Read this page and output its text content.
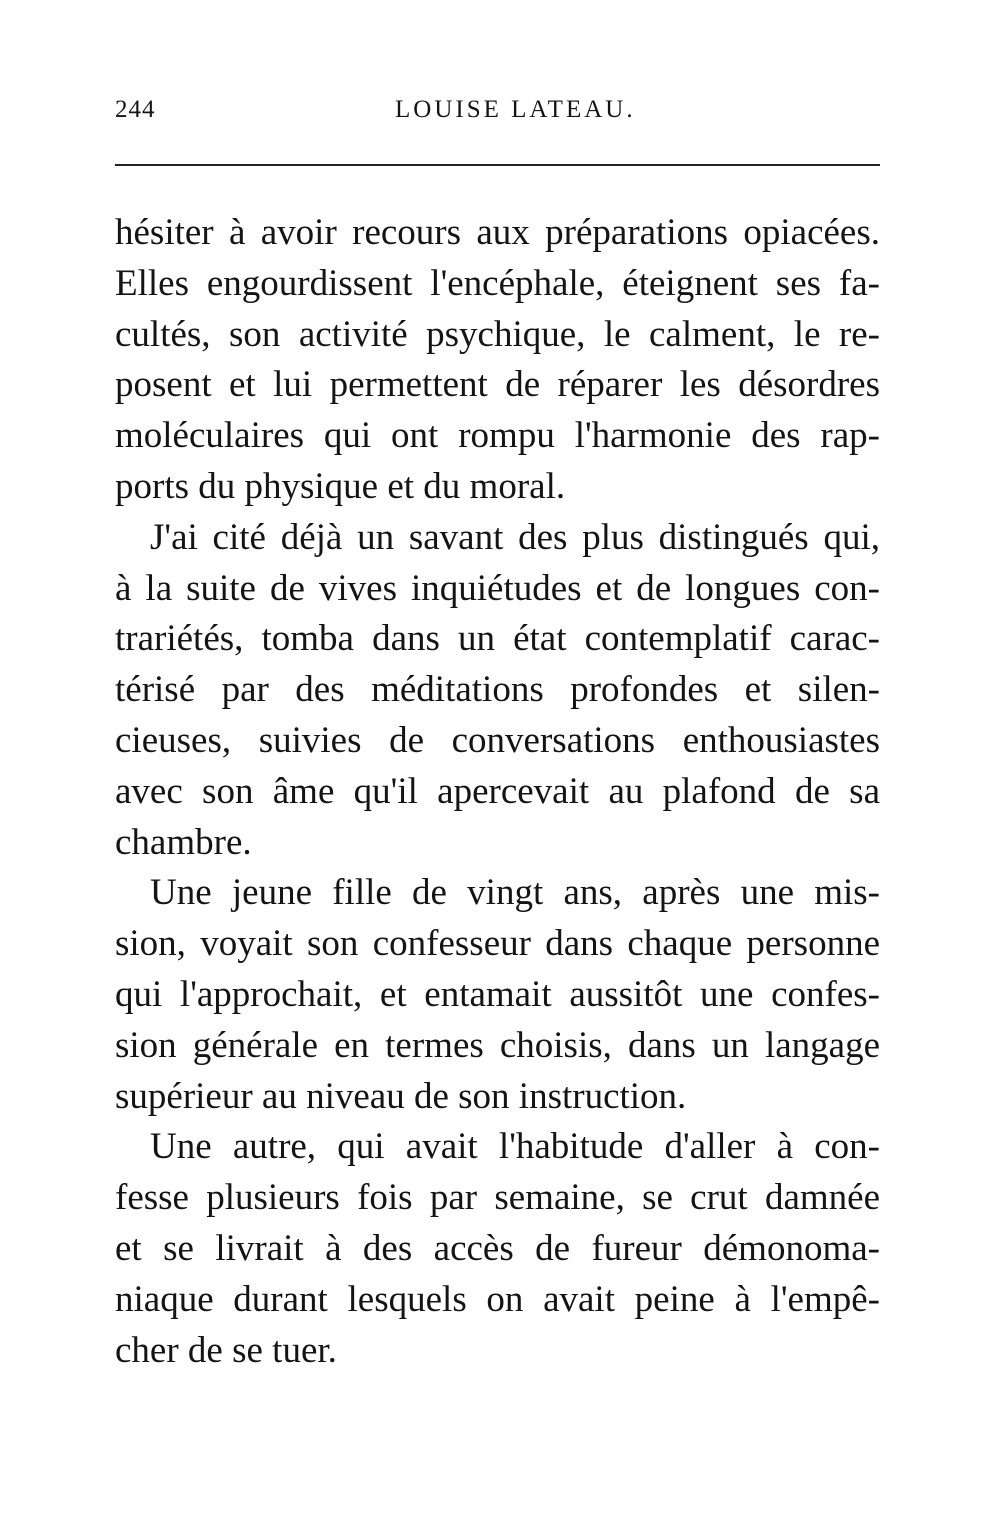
244	LOUISE LATEAU.
hésiter à avoir recours aux préparations opiacées.
Elles engourdissent l'encéphale, éteignent ses fa-
cultés, son activité psychique, le calment, le re-
posent et lui permettent de réparer les désordres
moléculaires qui ont rompu l'harmonie des rap-
ports du physique et du moral.
J'ai cité déjà un savant des plus distingués qui,
à la suite de vives inquiétudes et de longues con-
trariétés, tomba dans un état contemplatif carac-
térisé par des méditations profondes et silen-
cieuses, suivies de conversations enthousiastes
avec son âme qu'il apercevait au plafond de sa
chambre.
Une jeune fille de vingt ans, après une mis-
sion, voyait son confesseur dans chaque personne
qui l'approchait, et entamait aussitôt une confes-
sion générale en termes choisis, dans un langage
supérieur au niveau de son instruction.
Une autre, qui avait l'habitude d'aller à con-
fesse plusieurs fois par semaine, se crut damnée
et se livrait à des accès de fureur démonoma-
niaque durant lesquels on avait peine à l'empê-
cher de se tuer.
